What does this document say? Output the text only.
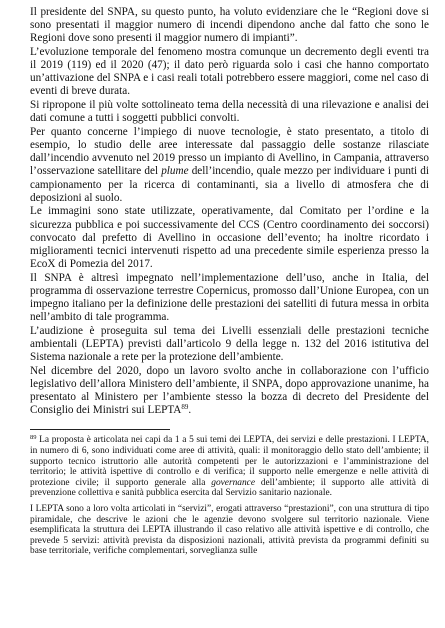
Il presidente del SNPA, su questo punto, ha voluto evidenziare che le “Regioni dove si sono presentati il maggior numero di incendi dipendono anche dal fatto che sono le Regioni dove sono presenti il maggior numero di impianti”.

L’evoluzione temporale del fenomeno mostra comunque un decremento degli eventi tra il 2019 (119) ed il 2020 (47); il dato però riguarda solo i casi che hanno comportato un’attivazione del SNPA e i casi reali totali potrebbero essere maggiori, come nel caso di eventi di breve durata.

Si ripropone il più volte sottolineato tema della necessità di una rilevazione e analisi dei dati comune a tutti i soggetti pubblici convolti.

Per quanto concerne l’impiego di nuove tecnologie, è stato presentato, a titolo di esempio, lo studio delle aree interessate dal passaggio delle sostanze rilasciate dall’incendio avvenuto nel 2019 presso un impianto di Avellino, in Campania, attraverso l’osservazione satellitare del plume dell’incendio, quale mezzo per individuare i punti di campionamento per la ricerca di contaminanti, sia a livello di atmosfera che di deposizioni al suolo.

Le immagini sono state utilizzate, operativamente, dal Comitato per l’ordine e la sicurezza pubblica e poi successivamente del CCS (Centro coordinamento dei soccorsi) convocato dal prefetto di Avellino in occasione dell’evento; ha inoltre ricordato i miglioramenti tecnici intervenuti rispetto ad una precedente simile esperienza presso la EcoX di Pomezia del 2017.

Il SNPA è altresì impegnato nell’implementazione dell’uso, anche in Italia, del programma di osservazione terrestre Copernicus, promosso dall’Unione Europea, con un impegno italiano per la definizione delle prestazioni dei satelliti di futura messa in orbita nell’ambito di tale programma.

L’audizione è proseguita sul tema dei Livelli essenziali delle prestazioni tecniche ambientali (LEPTA) previsti dall’articolo 9 della legge n. 132 del 2016 istitutiva del Sistema nazionale a rete per la protezione dell’ambiente.

Nel dicembre del 2020, dopo un lavoro svolto anche in collaborazione con l’ufficio legislativo dell’allora Ministero dell’ambiente, il SNPA, dopo approvazione unanime, ha presentato al Ministero per l’ambiente stesso la bozza di decreto del Presidente del Consiglio dei Ministri sui LEPTA$^{89}$.

$^{89}$ La proposta è articolata nei capi da 1 a 5 sui temi dei LEPTA, dei servizi e delle prestazioni. I LEPTA, in numero di 6, sono individuati come aree di attività, quali: il monitoraggio dello stato dell’ambiente; il supporto tecnico istruttorio alle autorità competenti per le autorizzazioni e l’amministrazione del territorio; le attività ispettive di controllo e di verifica; il supporto nelle emergenze e nelle attività di protezione civile; il supporto generale alla governance dell’ambiente; il supporto alle attività di prevenzione collettiva e sanità pubblica esercita dal Servizio sanitario nazionale.

I LEPTA sono a loro volta articolati in “servizi”, erogati attraverso “prestazioni”, con una struttura di tipo piramidale, che descrive le azioni che le agenzie devono svolgere sul territorio nazionale. Viene esemplificata la struttura dei LEPTA illustrando il caso relativo alle attività ispettive e di controllo, che prevede 5 servizi: attività prevista da disposizioni nazionali, attività prevista da programmi definiti su base territoriale, verifiche complementari, sorveglianza sulle
